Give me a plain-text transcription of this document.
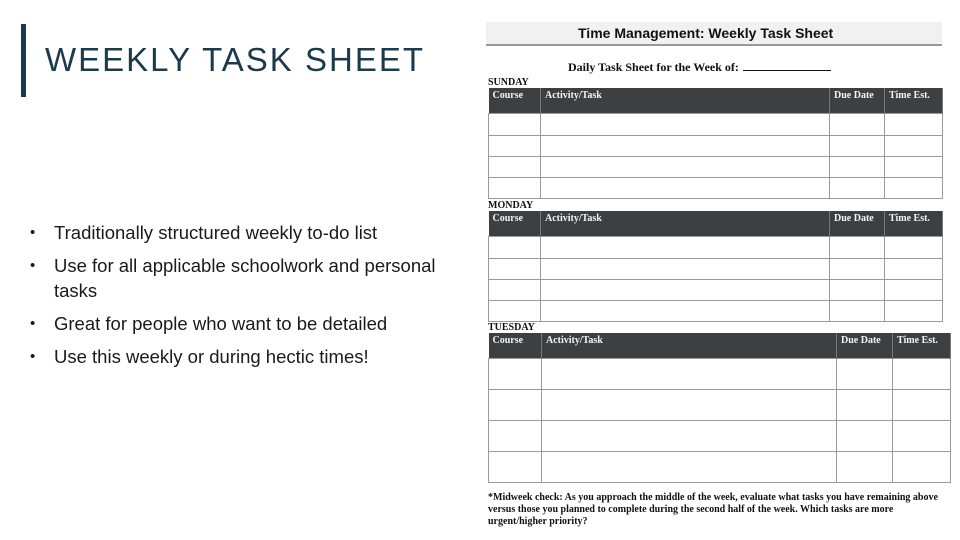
WEEKLY TASK SHEET
• Traditionally structured weekly to-do list
• Use for all applicable schoolwork and personal tasks
• Great for people who want to be detailed
• Use this weekly or during hectic times!
Time Management: Weekly Task Sheet
Daily Task Sheet for the Week of:
SUNDAY
Course	Activity/Task	Due Date	Time Est.

MONDAY
Course	Activity/Task	Due Date	Time Est.

TUESDAY
Course	Activity/Task	Due Date	Time Est.

*Midweek check: As you approach the middle of the week, evaluate what tasks you have remaining above versus those you planned to complete during the second half of the week. Which tasks are more urgent/higher priority?
